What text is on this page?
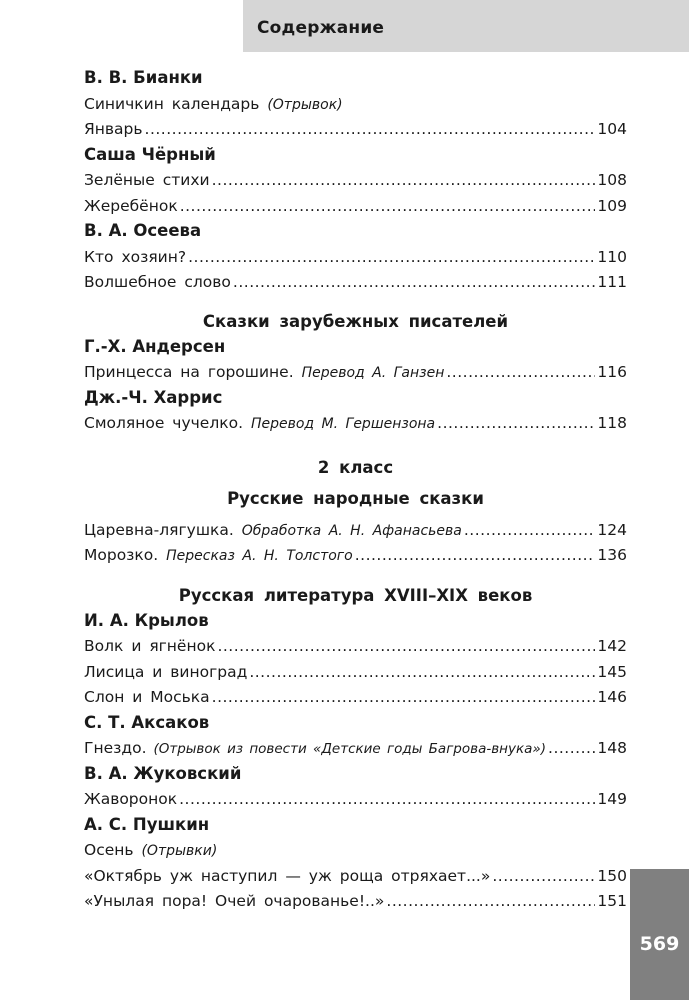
Содержание
В. В. Бианки
Синичкин календарь (Отрывок)
Январь .....	104
Саша Чёрный
Зелёные стихи .....	108
Жеребёнок .....	109
В. А. Осеева
Кто хозяин? .....	110
Волшебное слово .....	111
Сказки зарубежных писателей
Г.-Х. Андерсен
Принцесса на горошине. Перевод А. Ганзен .....	116
Дж.-Ч. Харрис
Смоляное чучелко. Перевод М. Гершензона .....	118
2 класс
Русские народные сказки
Царевна-лягушка. Обработка А. Н. Афанасьева .....	124
Морозко. Пересказ А. Н. Толстого .....	136
Русская литература XVIII–XIX веков
И. А. Крылов
Волк и ягнёнок .....	142
Лисица и виноград .....	145
Слон и Моська .....	146
С. Т. Аксаков
Гнездо. (Отрывок из повести «Детские годы Багрова-внука») .....	148
В. А. Жуковский
Жаворонок .....	149
А. С. Пушкин
Осень (Отрывки)
«Октябрь уж наступил — уж роща отряхает...» .....	150
«Унылая пора! Очей очарованье!..» .....	151
569
